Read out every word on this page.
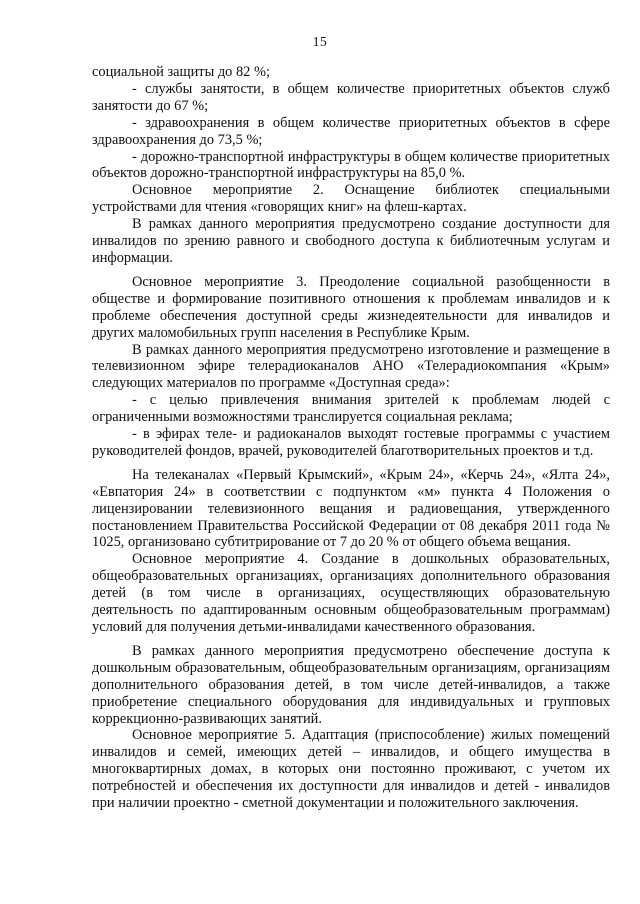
15

социальной защиты до 82 %;

- службы занятости, в общем количестве приоритетных объектов служб занятости до 67 %;

- здравоохранения в общем количестве приоритетных объектов в сфере здравоохранения до 73,5 %;

- дорожно-транспортной инфраструктуры в общем количестве приоритетных объектов дорожно-транспортной инфраструктуры на 85,0 %.

Основное мероприятие 2. Оснащение библиотек специальными устройствами для чтения «говорящих книг» на флеш-картах.

В рамках данного мероприятия предусмотрено создание доступности для инвалидов по зрению равного и свободного доступа к библиотечным услугам и информации.

Основное мероприятие 3. Преодоление социальной разобщенности в обществе и формирование позитивного отношения к проблемам инвалидов и к проблеме обеспечения доступной среды жизнедеятельности для инвалидов и других маломобильных групп населения в Республике Крым.

В рамках данного мероприятия предусмотрено изготовление и размещение в телевизионном эфире телерадиоканалов АНО «Телерадиокомпания «Крым» следующих материалов по программе «Доступная среда»:

- с целью привлечения внимания зрителей к проблемам людей с ограниченными возможностями транслируется социальная реклама;

- в эфирах теле- и радиоканалов выходят гостевые программы с участием руководителей фондов, врачей, руководителей благотворительных проектов и т.д.

На телеканалах «Первый Крымский», «Крым 24», «Керчь 24», «Ялта 24», «Евпатория 24» в соответствии с подпунктом «м» пункта 4 Положения о лицензировании телевизионного вещания и радиовещания, утвержденного постановлением Правительства Российской Федерации от 08 декабря 2011 года № 1025, организовано субтитрирование от 7 до 20 % от общего объема вещания.

Основное мероприятие 4. Создание в дошкольных образовательных, общеобразовательных организациях, организациях дополнительного образования детей (в том числе в организациях, осуществляющих образовательную деятельность по адаптированным основным общеобразовательным программам) условий для получения детьми-инвалидами качественного образования.

В рамках данного мероприятия предусмотрено обеспечение доступа к дошкольным образовательным, общеобразовательным организациям, организациям дополнительного образования детей, в том числе детей-инвалидов, а также приобретение специального оборудования для индивидуальных и групповых коррекционно-развивающих занятий.

Основное мероприятие 5. Адаптация (приспособление) жилых помещений инвалидов и семей, имеющих детей – инвалидов, и общего имущества в многоквартирных домах, в которых они постоянно проживают, с учетом их потребностей и обеспечения их доступности для инвалидов и детей - инвалидов при наличии проектно - сметной документации и положительного заключения.
